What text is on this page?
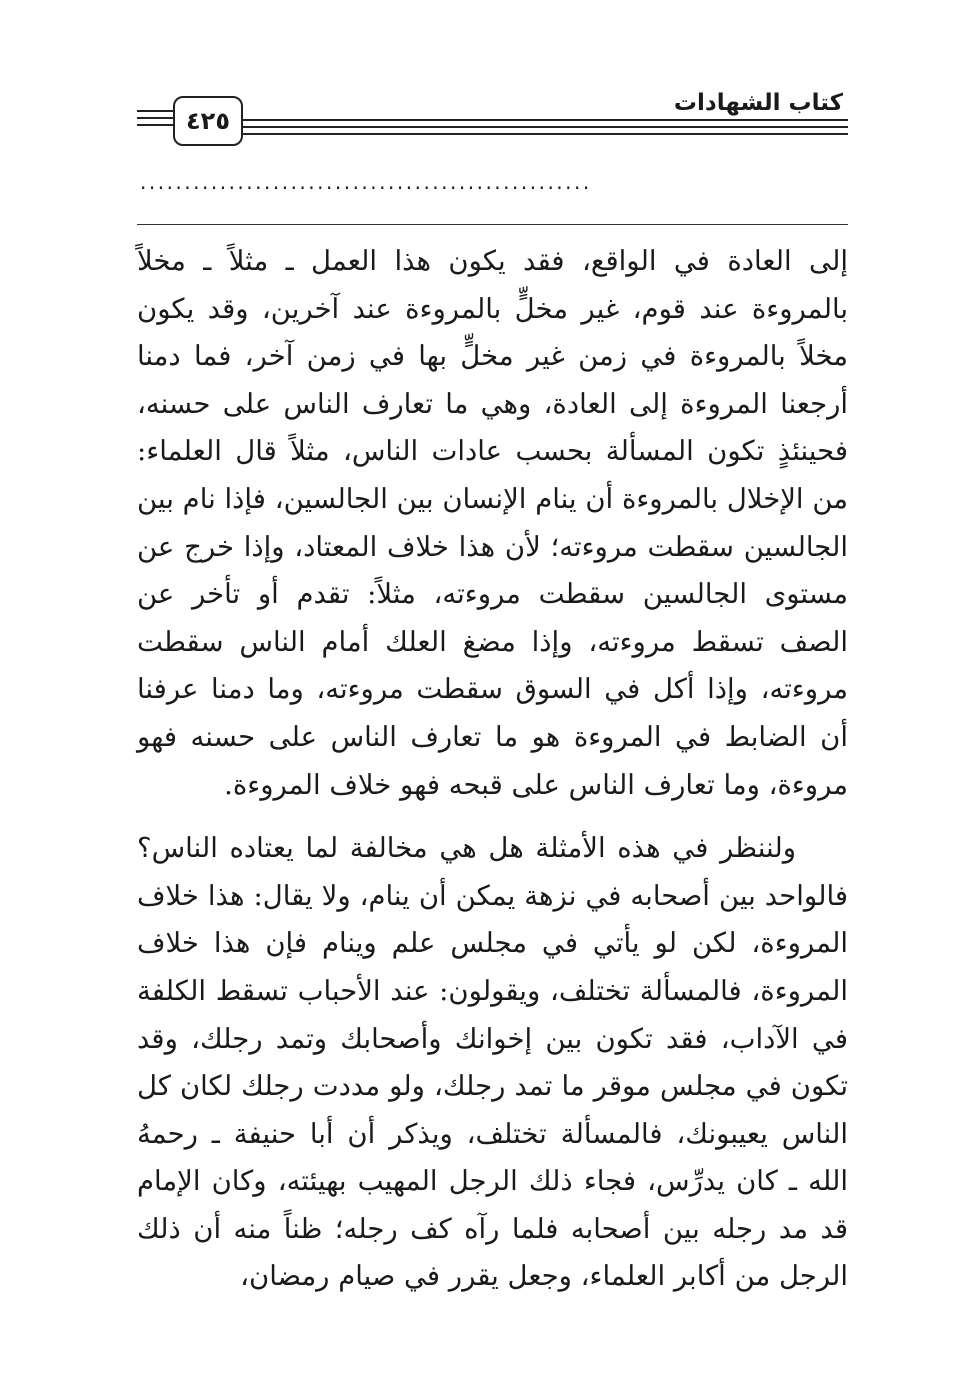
٤٢٥
كتاب الشهادات
...................................................

إلى العادة في الواقع، فقد يكون هذا العمل ـ مثلاً ـ مخلاً بالمروءة عند قوم، غير مخلٍّ بالمروءة عند آخرين، وقد يكون مخلاً بالمروءة في زمن غير مخلٍّ بها في زمن آخر، فما دمنا أرجعنا المروءة إلى العادة، وهي ما تعارف الناس على حسنه، فحينئذٍ تكون المسألة بحسب عادات الناس، مثلاً قال العلماء: من الإخلال بالمروءة أن ينام الإنسان بين الجالسين، فإذا نام بين الجالسين سقطت مروءته؛ لأن هذا خلاف المعتاد، وإذا خرج عن مستوى الجالسين سقطت مروءته، مثلاً: تقدم أو تأخر عن الصف تسقط مروءته، وإذا مضغ العلك أمام الناس سقطت مروءته، وإذا أكل في السوق سقطت مروءته، وما دمنا عرفنا أن الضابط في المروءة هو ما تعارف الناس على حسنه فهو مروءة، وما تعارف الناس على قبحه فهو خلاف المروءة.

ولننظر في هذه الأمثلة هل هي مخالفة لما يعتاده الناس؟ فالواحد بين أصحابه في نزهة يمكن أن ينام، ولا يقال: هذا خلاف المروءة، لكن لو يأتي في مجلس علم وينام فإن هذا خلاف المروءة، فالمسألة تختلف، ويقولون: عند الأحباب تسقط الكلفة في الآداب، فقد تكون بين إخوانك وأصحابك وتمد رجلك، وقد تكون في مجلس موقر ما تمد رجلك، ولو مددت رجلك لكان كل الناس يعيبونك، فالمسألة تختلف، ويذكر أن أبا حنيفة ـ رحمهُ الله ـ كان يدرِّس، فجاء ذلك الرجل المهيب بهيئته، وكان الإمام قد مد رجله بين أصحابه فلما رآه كف رجله؛ ظناً منه أن ذلك الرجل من أكابر العلماء، وجعل يقرر في صيام رمضان،
